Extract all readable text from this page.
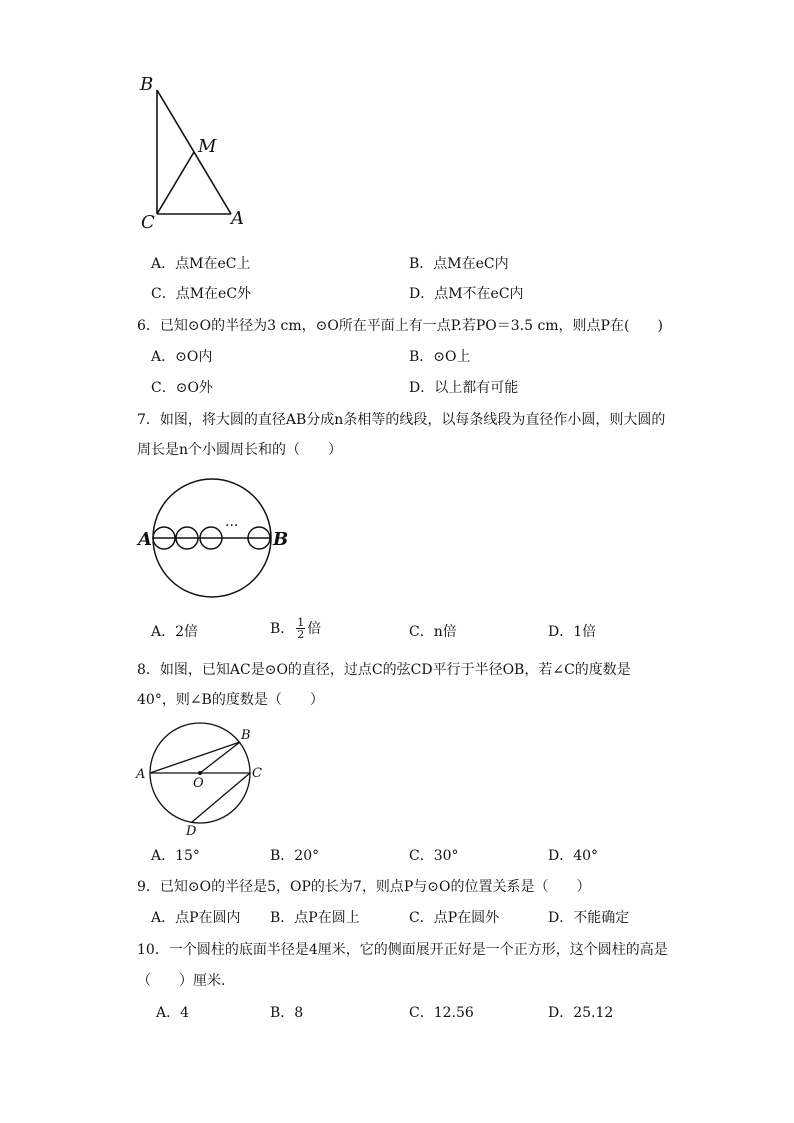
B
M
C	A
A．点M在eC上	B．点M在eC内
C．点M在eC外	D．点M不在eC内
6．已知⊙O的半径为3 cm，⊙O所在平面上有一点P.若PO＝3.5 cm，则点P在(　　)
A．⊙O内	B．⊙O上
C．⊙O外	D．以上都有可能
7．如图，将大圆的直径AB分成n条相等的线段，以每条线段为直径作小圆，则大圆的
周长是n个小圆周长和的（　　）
···
A	B
A．2倍	B． $\frac{1}{2}$ 倍	C．n倍	D．1倍
8．如图，已知AC是⊙O的直径，过点C的弦CD平行于半径OB，若∠C的度数是
40°，则∠B的度数是（　　）
A
B
C
D
O
A．15°	B．20°	C．30°	D．40°
9．已知⊙O的半径是5，OP的长为7，则点P与⊙O的位置关系是（　　）
A．点P在圆内 B．点P在圆上	C．点P在圆外	D．不能确定
10．一个圆柱的底面半径是4厘米，它的侧面展开正好是一个正方形，这个圆柱的高是
（　　）厘米．
A．4	B．8	C．12.56	D．25.12
